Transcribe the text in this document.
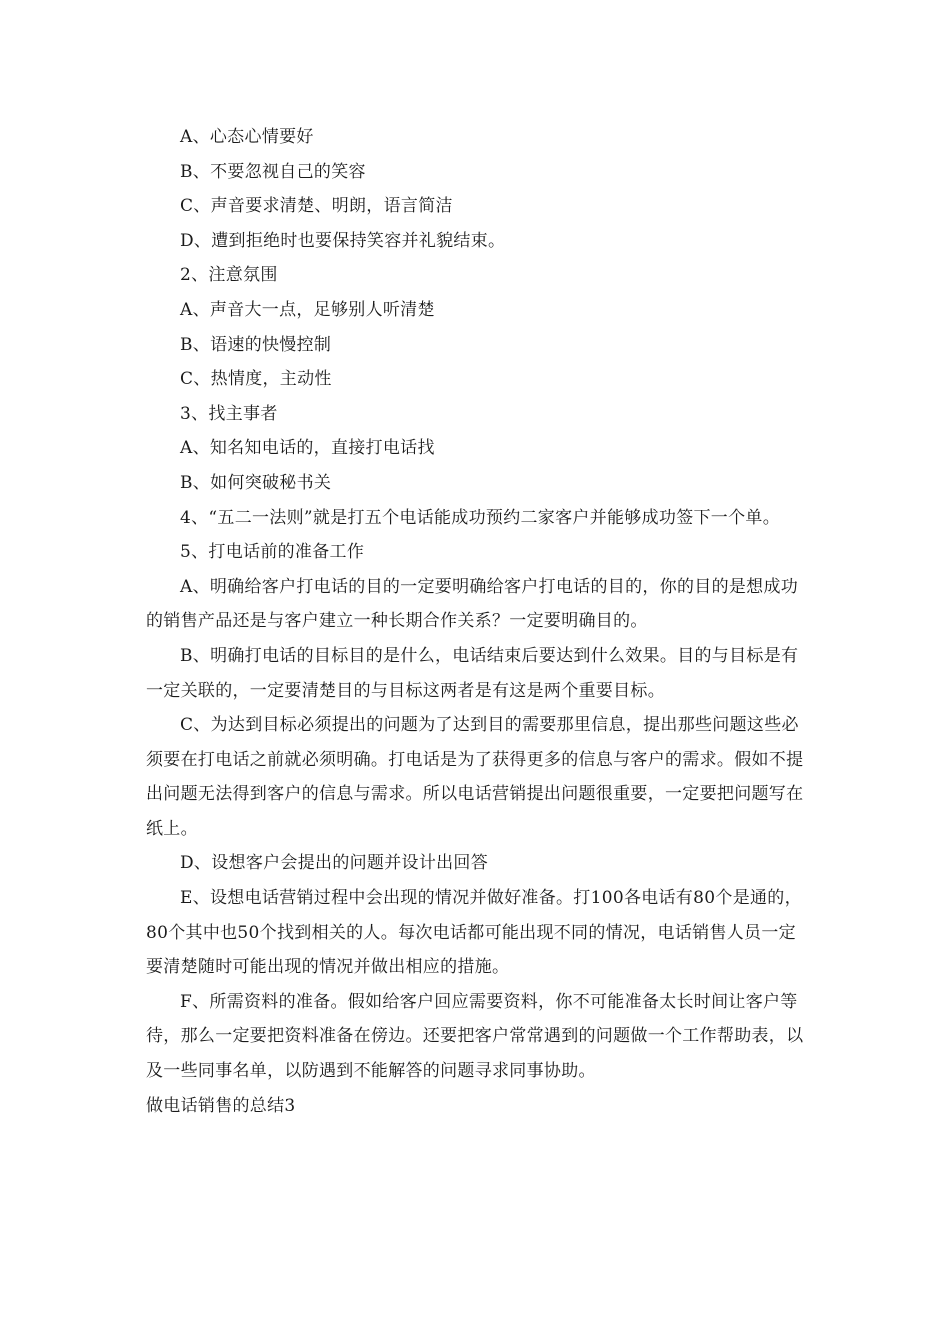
A、心态心情要好

B、不要忽视自己的笑容

C、声音要求清楚、明朗，语言简洁

D、遭到拒绝时也要保持笑容并礼貌结束。

2、注意氛围

A、声音大一点，足够别人听清楚

B、语速的快慢控制

C、热情度，主动性

3、找主事者

A、知名知电话的，直接打电话找

B、如何突破秘书关

4、“五二一法则”就是打五个电话能成功预约二家客户并能够成功签下一个单。

5、打电话前的准备工作

A、明确给客户打电话的目的一定要明确给客户打电话的目的，你的目的是想成功的销售产品还是与客户建立一种长期合作关系？一定要明确目的。

B、明确打电话的目标目的是什么，电话结束后要达到什么效果。目的与目标是有一定关联的，一定要清楚目的与目标这两者是有这是两个重要目标。

C、为达到目标必须提出的问题为了达到目的需要那里信息，提出那些问题这些必须要在打电话之前就必须明确。打电话是为了获得更多的信息与客户的需求。假如不提出问题无法得到客户的信息与需求。所以电话营销提出问题很重要，一定要把问题写在纸上。

D、设想客户会提出的问题并设计出回答

E、设想电话营销过程中会出现的情况并做好准备。打100各电话有80个是通的，80个其中也50个找到相关的人。每次电话都可能出现不同的情况，电话销售人员一定要清楚随时可能出现的情况并做出相应的措施。

F、所需资料的准备。假如给客户回应需要资料，你不可能准备太长时间让客户等待，那么一定要把资料准备在傍边。还要把客户常常遇到的问题做一个工作帮助表，以及一些同事名单，以防遇到不能解答的问题寻求同事协助。

做电话销售的总结3
